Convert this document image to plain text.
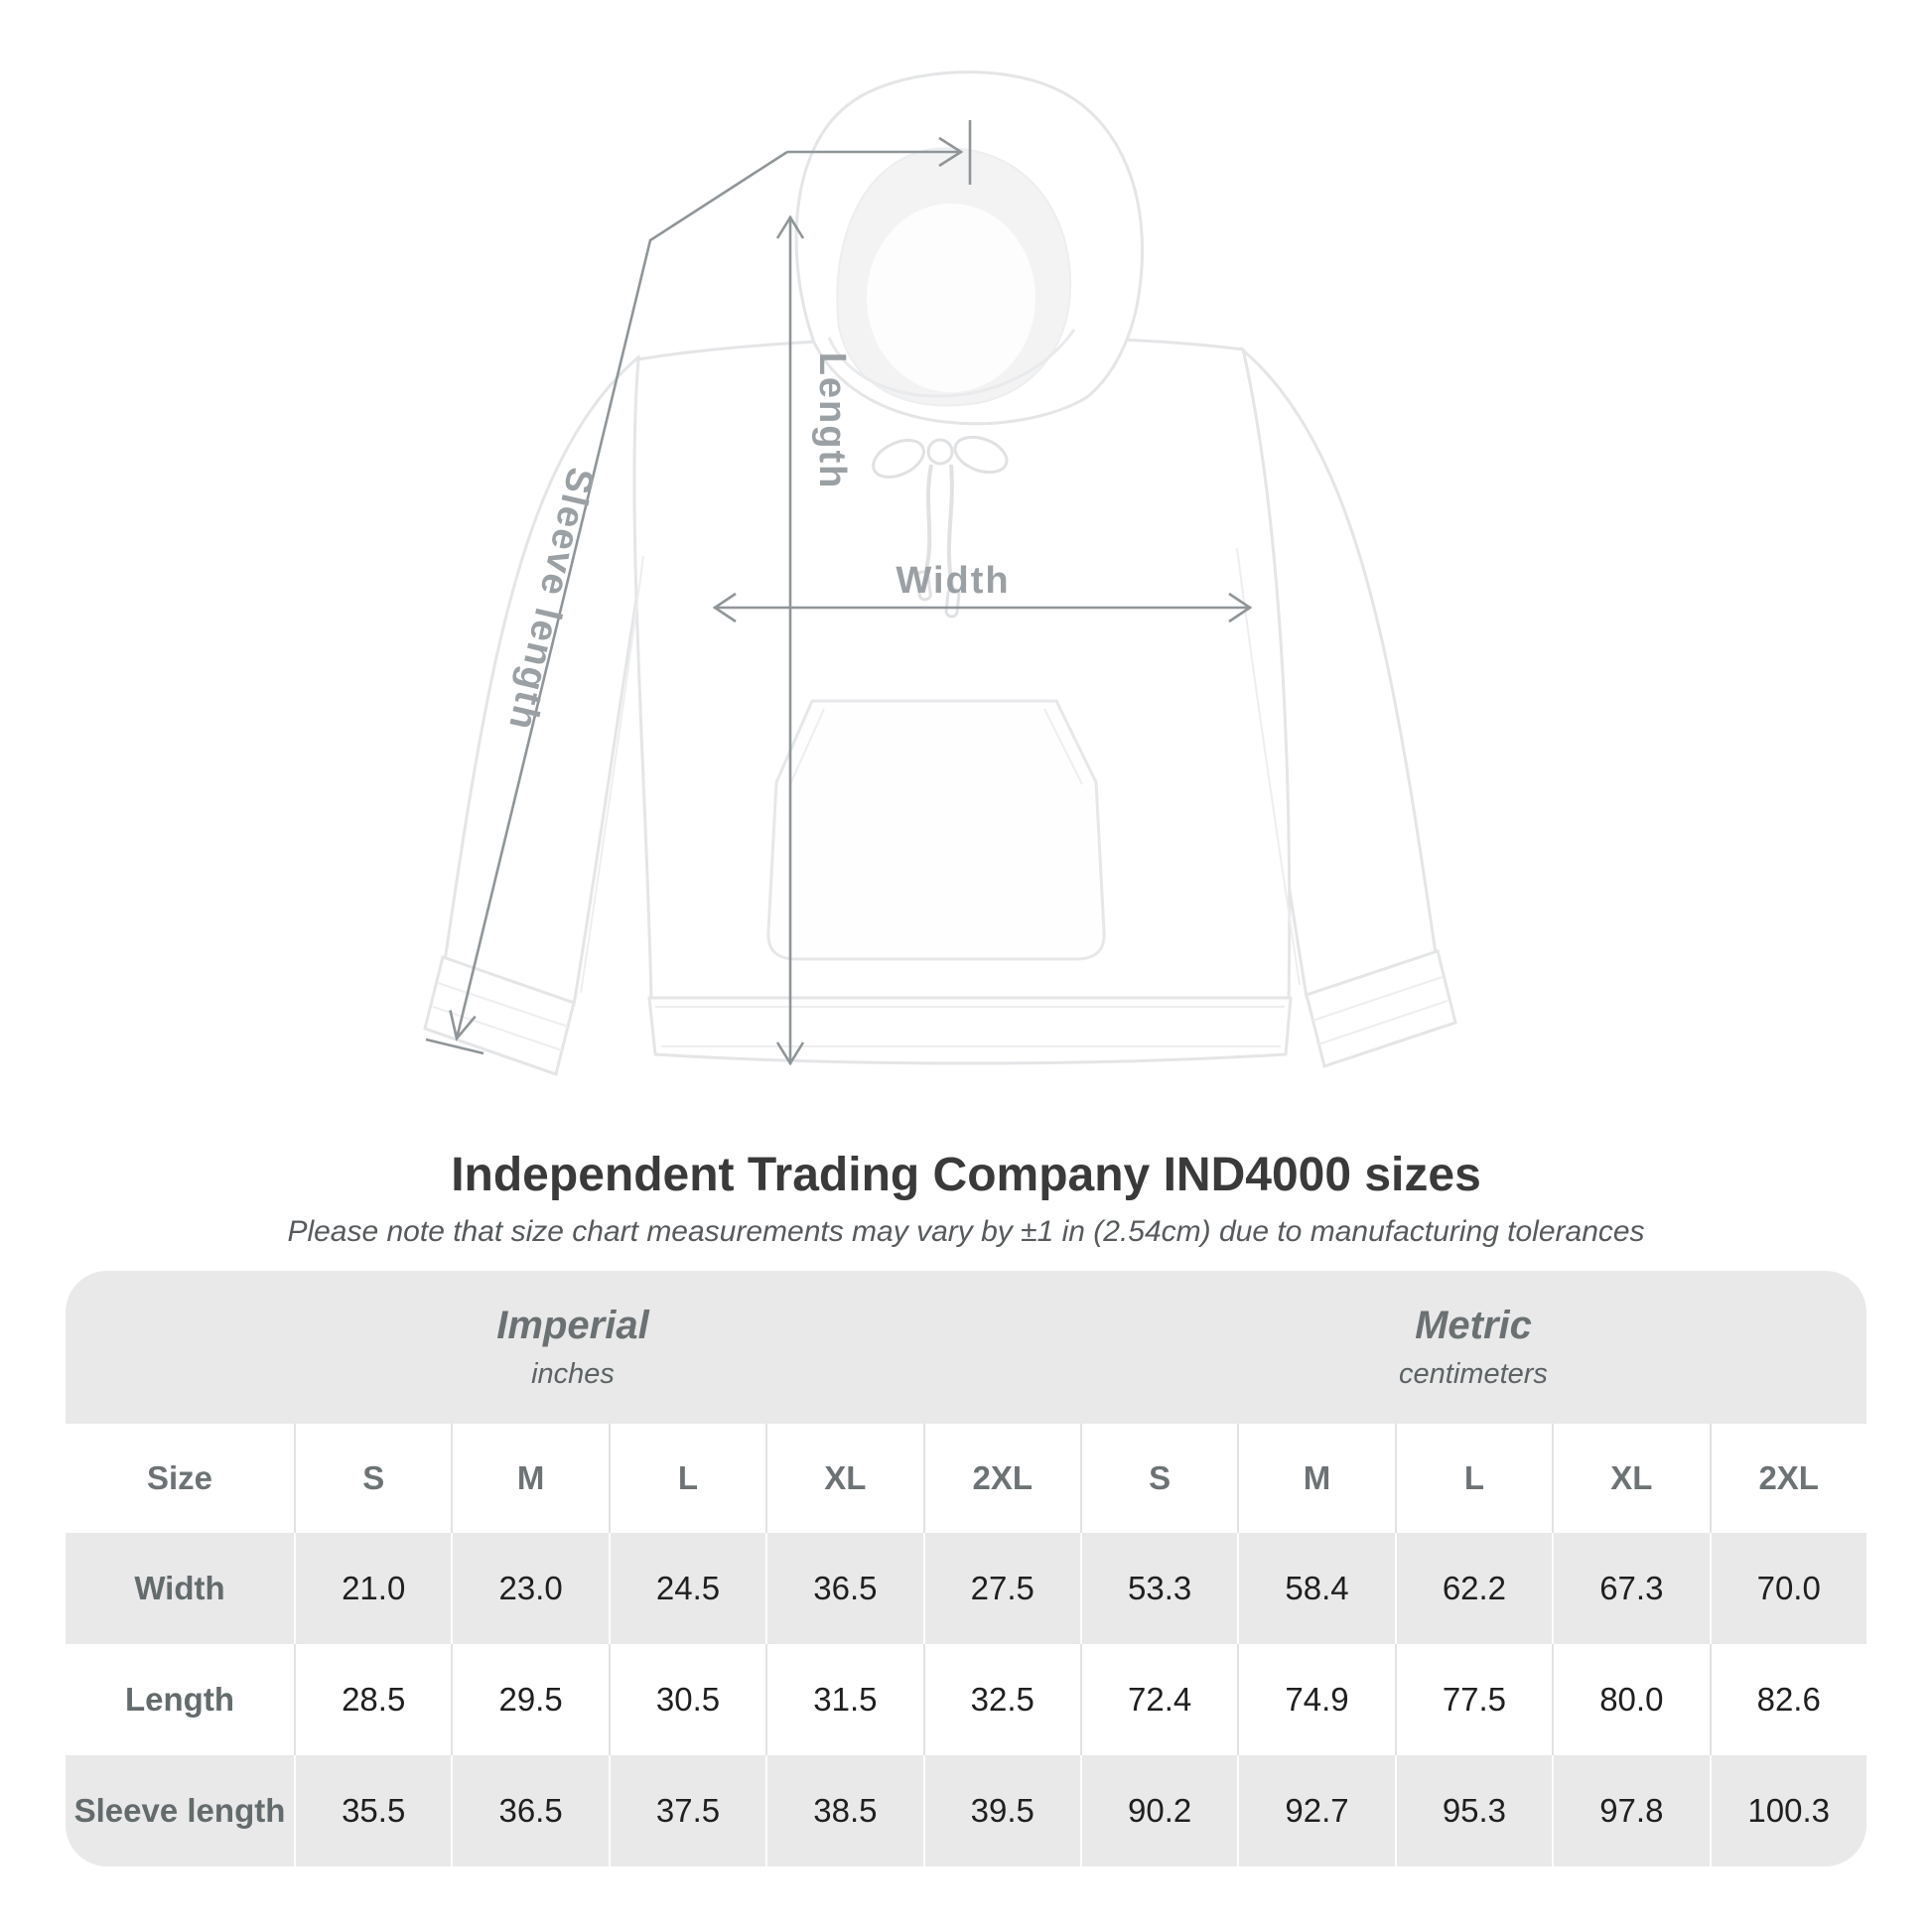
Length
Sleeve length	Width
Independent Trading Company IND4000 sizes
Please note that size chart measurements may vary by ±1 in (2.54cm) due to manufacturing tolerances
Imperial
inches
Metric
centimeters
Size	S	M	L	XL	2XL	S	M	L	XL	2XL
Width	21.0	23.0	24.5	36.5	27.5	53.3	58.4	62.2	67.3	70.0
Length	28.5	29.5	30.5	31.5	32.5	72.4	74.9	77.5	80.0	82.6
Sleeve length 35.5	36.5	37.5	38.5	39.5	90.2	92.7	95.3	97.8	100.3
